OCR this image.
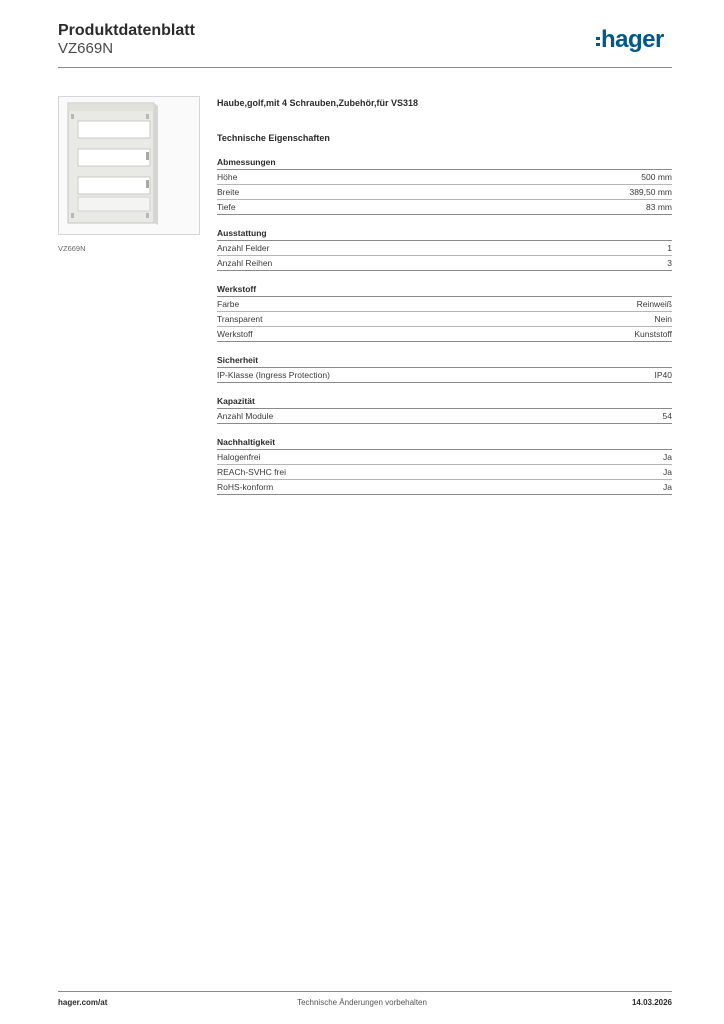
Produktdatenblatt
VZ669N	hager
VZ669N
Haube,golf,mit 4 Schrauben,Zubehör,für VS318
Technische Eigenschaften
Abmessungen
Höhe	500 mm
Breite	389,50 mm
Tiefe	83 mm
Ausstattung
Anzahl Felder	1
Anzahl Reihen	3
Werkstoff
Farbe	Reinweiß
Transparent	Nein
Werkstoff	Kunststoff
Sicherheit
IP-Klasse (Ingress Protection)	IP40
Kapazität
Anzahl Module	54
Nachhaltigkeit
Halogenfrei	Ja
REACh-SVHC frei	Ja
RoHS-konform	Ja
hager.com/at	Technische Änderungen vorbehalten	14.03.2026
